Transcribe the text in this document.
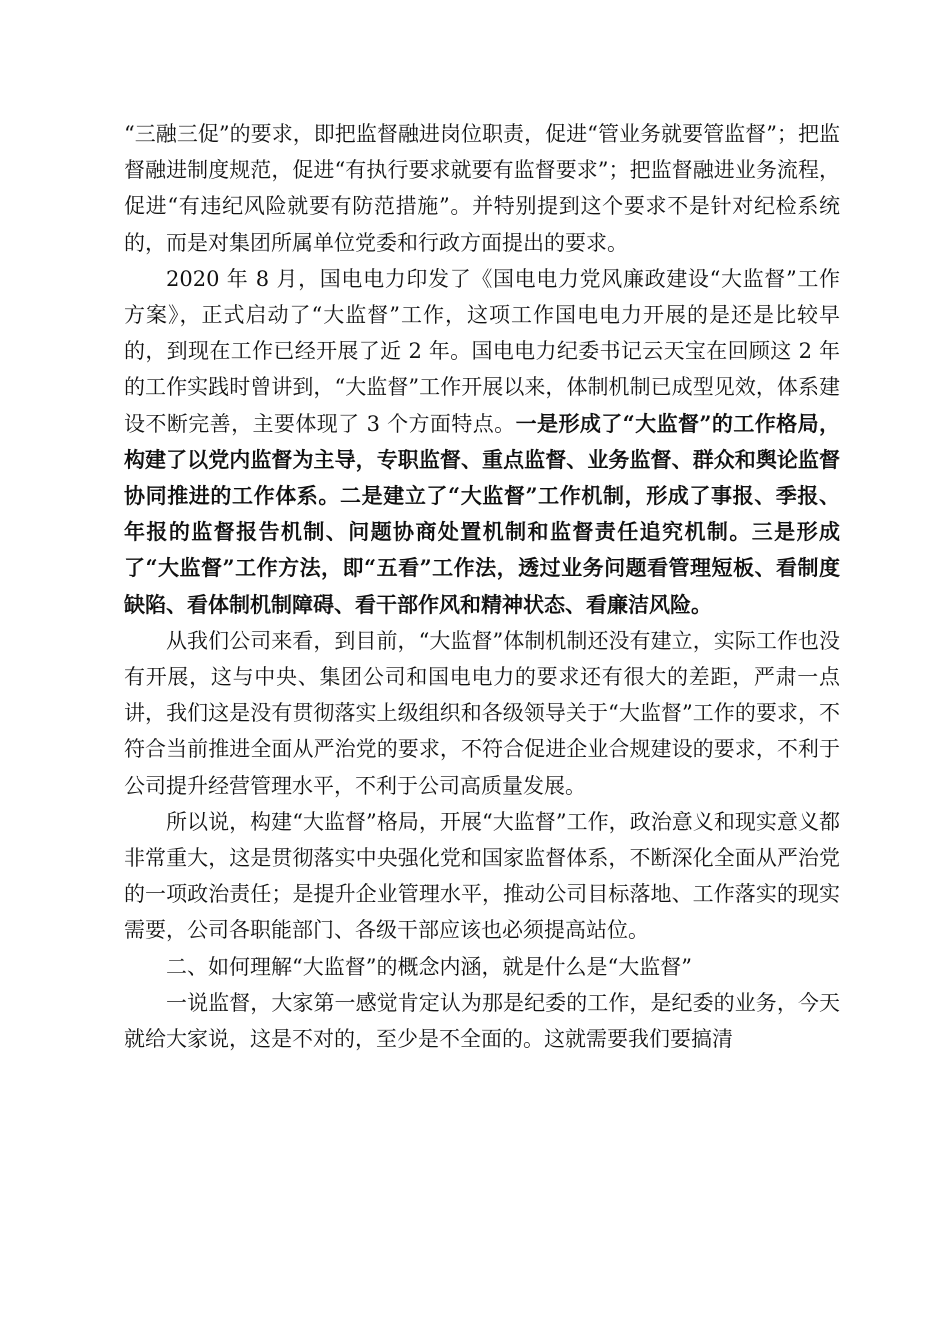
“三融三促”的要求，即把监督融进岗位职责，促进“管业务就要管监督”；把监督融进制度规范，促进“有执行要求就要有监督要求”；把监督融进业务流程，促进“有违纪风险就要有防范措施”。并特别提到这个要求不是针对纪检系统的，而是对集团所属单位党委和行政方面提出的要求。

2020 年 8 月，国电电力印发了《国电电力党风廉政建设“大监督”工作方案》，正式启动了“大监督”工作，这项工作国电电力开展的是还是比较早的，到现在工作已经开展了近 2 年。国电电力纪委书记云天宝在回顾这 2 年的工作实践时曾讲到，“大监督”工作开展以来，体制机制已成型见效，体系建设不断完善，主要体现了 3 个方面特点。一是形成了“大监督”的工作格局，构建了以党内监督为主导，专职监督、重点监督、业务监督、群众和舆论监督协同推进的工作体系。二是建立了“大监督”工作机制，形成了事报、季报、年报的监督报告机制、问题协商处置机制和监督责任追究机制。三是形成了“大监督”工作方法，即“五看”工作法，透过业务问题看管理短板、看制度缺陷、看体制机制障碍、看干部作风和精神状态、看廉洁风险。

从我们公司来看，到目前，“大监督”体制机制还没有建立，实际工作也没有开展，这与中央、集团公司和国电电力的要求还有很大的差距，严肃一点讲，我们这是没有贯彻落实上级组织和各级领导关于“大监督”工作的要求，不符合当前推进全面从严治党的要求，不符合促进企业合规建设的要求，不利于公司提升经营管理水平，不利于公司高质量发展。

所以说，构建“大监督”格局，开展“大监督”工作，政治意义和现实意义都非常重大，这是贯彻落实中央强化党和国家监督体系，不断深化全面从严治党的一项政治责任；是提升企业管理水平，推动公司目标落地、工作落实的现实需要，公司各职能部门、各级干部应该也必须提高站位。

二、如何理解“大监督”的概念内涵，就是什么是“大监督”

一说监督，大家第一感觉肯定认为那是纪委的工作，是纪委的业务，今天就给大家说，这是不对的，至少是不全面的。这就需要我们要搞清
